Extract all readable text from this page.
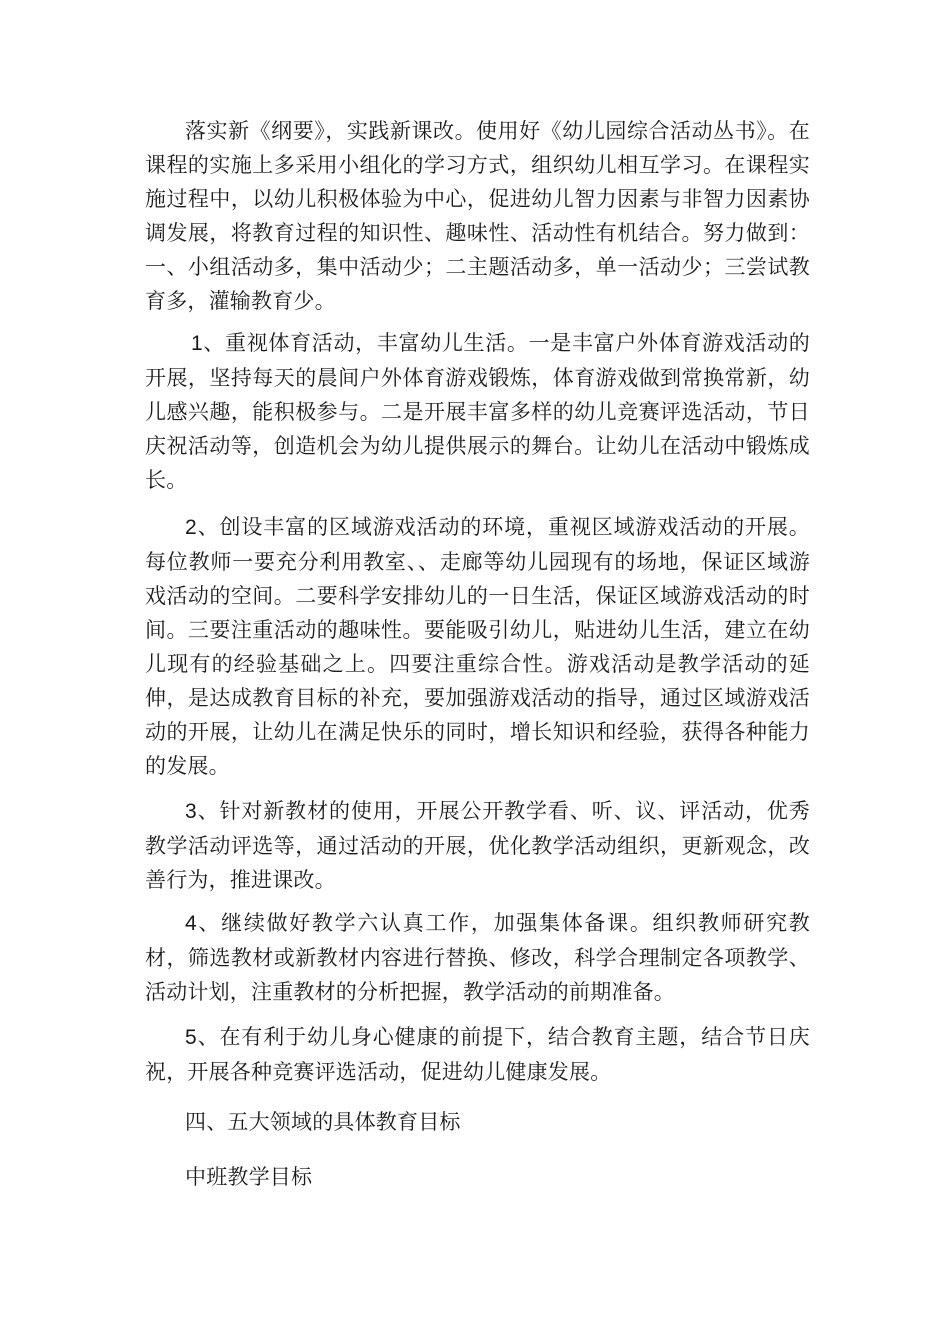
落实新《纲要》，实践新课改。使用好《幼儿园综合活动丛书》。在课程的实施上多采用小组化的学习方式，组织幼儿相互学习。在课程实施过程中，以幼儿积极体验为中心，促进幼儿智力因素与非智力因素协调发展，将教育过程的知识性、趣味性、活动性有机结合。努力做到：一、小组活动多，集中活动少；二主题活动多，单一活动少；三尝试教育多，灌输教育少。

1、重视体育活动，丰富幼儿生活。一是丰富户外体育游戏活动的开展，坚持每天的晨间户外体育游戏锻炼，体育游戏做到常换常新，幼儿感兴趣，能积极参与。二是开展丰富多样的幼儿竞赛评选活动，节日庆祝活动等，创造机会为幼儿提供展示的舞台。让幼儿在活动中锻炼成长。

2、创设丰富的区域游戏活动的环境，重视区域游戏活动的开展。每位教师一要充分利用教室、、走廊等幼儿园现有的场地，保证区域游戏活动的空间。二要科学安排幼儿的一日生活，保证区域游戏活动的时间。三要注重活动的趣味性。要能吸引幼儿，贴进幼儿生活，建立在幼儿现有的经验基础之上。四要注重综合性。游戏活动是教学活动的延伸，是达成教育目标的补充，要加强游戏活动的指导，通过区域游戏活动的开展，让幼儿在满足快乐的同时，增长知识和经验，获得各种能力的发展。

3、针对新教材的使用，开展公开教学看、听、议、评活动，优秀教学活动评选等，通过活动的开展，优化教学活动组织，更新观念，改善行为，推进课改。

4、继续做好教学六认真工作，加强集体备课。组织教师研究教材，筛选教材或新教材内容进行替换、修改，科学合理制定各项教学、活动计划，注重教材的分析把握，教学活动的前期准备。

5、在有利于幼儿身心健康的前提下，结合教育主题，结合节日庆祝，开展各种竞赛评选活动，促进幼儿健康发展。

四、五大领域的具体教育目标

中班教学目标
